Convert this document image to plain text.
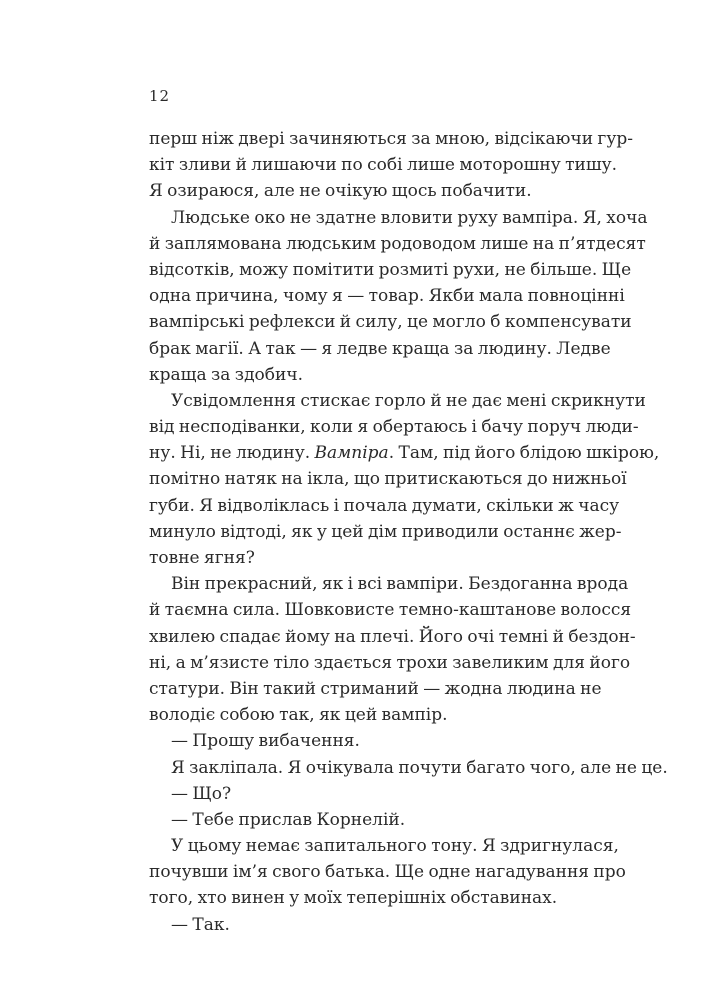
12
перш ніж двері зачиняються за мною, відсікаючи гур-
кіт зливи й лишаючи по собі лише моторошну тишу.
Я озираюся, але не очікую щось побачити.
Людське око не здатне вловити руху вампіра. Я, хоча
й заплямована людським родоводом лише на п’ятдесят
відсотків, можу помітити розмиті рухи, не більше. Ще
одна причина, чому я — товар. Якби мала повноцінні
вампірські рефлекси й силу, це могло б компенсувати
брак магії. А так — я ледве краща за людину. Ледве
краща за здобич.
Усвідомлення стискає горло й не дає мені скрикнути
від несподіванки, коли я обертаюсь і бачу поруч люди-
ну. Ні, не людину. Вампіра. Там, під його блідою шкірою,
помітно натяк на ікла, що притискаються до нижньої
губи. Я відволіклась і почала думати, скільки ж часу
минуло відтоді, як у цей дім приводили останнє жер-
товне ягня?
Він прекрасний, як і всі вампіри. Бездоганна врода
й таємна сила. Шовковисте темно-каштанове волосся
хвилею спадає йому на плечі. Його очі темні й бездон-
ні, а м’язисте тіло здається трохи завеликим для його
статури. Він такий стриманий — жодна людина не
володіє собою так, як цей вампір.
— Прошу вибачення.
Я закліпала. Я очікувала почути багато чого, але не це.
— Що?
— Тебе прислав Корнелій.
У цьому немає запитального тону. Я здригнулася,
почувши ім’я свого батька. Ще одне нагадування про
того, хто винен у моїх теперішніх обставинах.
— Так.
